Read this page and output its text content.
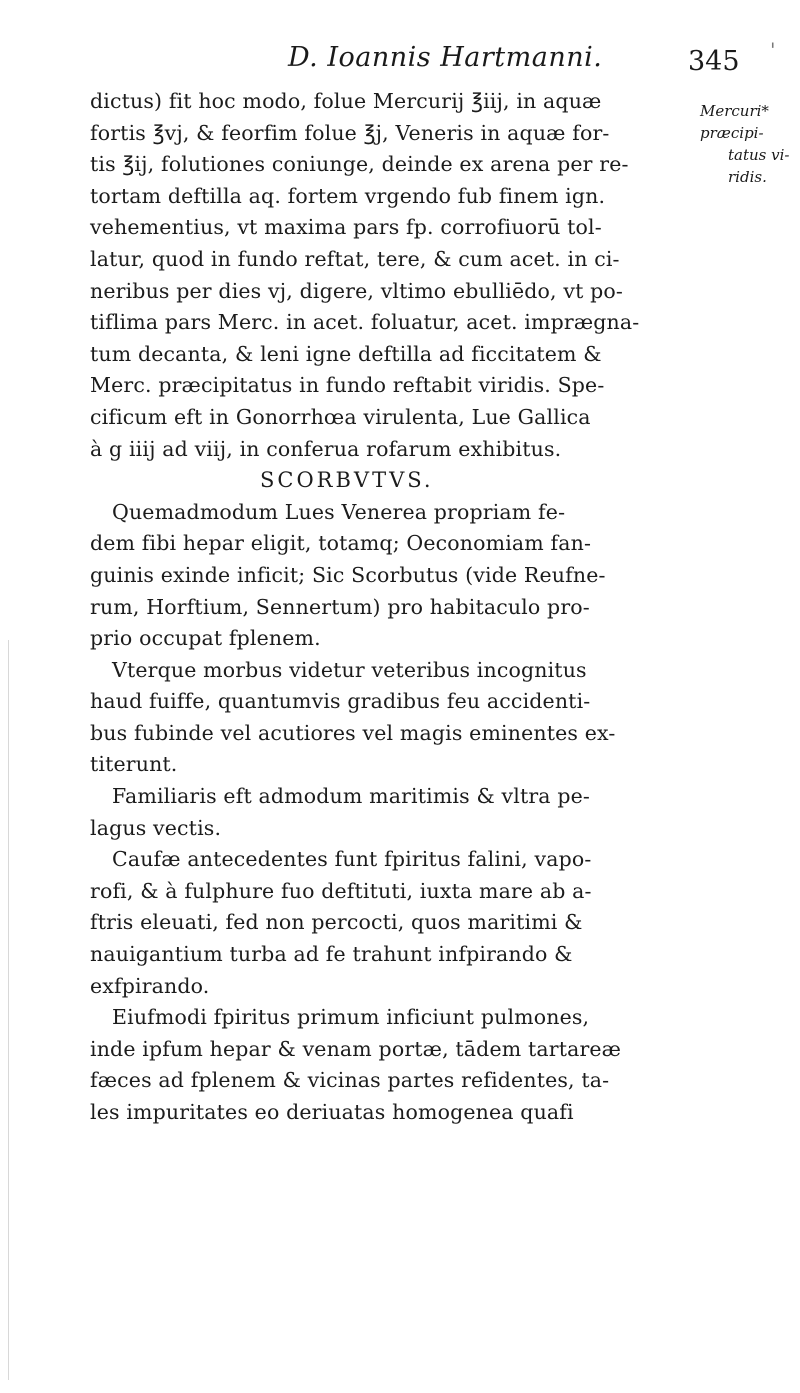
D. Ioannis Hartmanni.	345 '
Mercuri*
præcipi-
tatus vi-
ridis.
dictus) fit hoc modo, folue Mercurij ℥iij, in aquæ
fortis ℥vj, & feorfim folue ℥j, Veneris in aquæ for-
tis ℥ij, folutiones coniunge, deinde ex arena per re-
tortam deftilla aq. fortem vrgendo fub finem ign.
vehementius, vt maxima pars fp. corrofiuorū tol-
latur, quod in fundo reftat, tere, & cum acet. in ci-
neribus per dies vj, digere, vltimo ebulliēdo, vt po-
tiflima pars Merc. in acet. foluatur, acet. imprægna-
tum decanta, & leni igne deftilla ad ficcitatem &
Merc. præcipitatus in fundo reftabit viridis. Spe-
cificum eft in Gonorrhœa virulenta, Lue Gallica
à g iiij ad viij, in conferua rofarum exhibitus.
SCORBVTVS.
Quemadmodum Lues Venerea propriam fe-
dem fibi hepar eligit, totamq; Oeconomiam fan-
guinis exinde inficit; Sic Scorbutus (vide Reufne-
rum, Horftium, Sennertum) pro habitaculo pro-
prio occupat fplenem.
Vterque morbus videtur veteribus incognitus
haud fuiffe, quantumvis gradibus feu accidenti-
bus fubinde vel acutiores vel magis eminentes ex-
titerunt.
Familiaris eft admodum maritimis & vltra pe-
lagus vectis.
Caufæ antecedentes funt fpiritus falini, vapo-
rofi, & à fulphure fuo deftituti, iuxta mare ab a-
ftris eleuati, fed non percocti, quos maritimi &
nauigantium turba ad fe trahunt infpirando &
exfpirando.
Eiufmodi fpiritus primum inficiunt pulmones,
inde ipfum hepar & venam portæ, tādem tartareæ
fæces ad fplenem & vicinas partes refidentes, ta-
les impuritates eo deriuatas homogenea quafi
